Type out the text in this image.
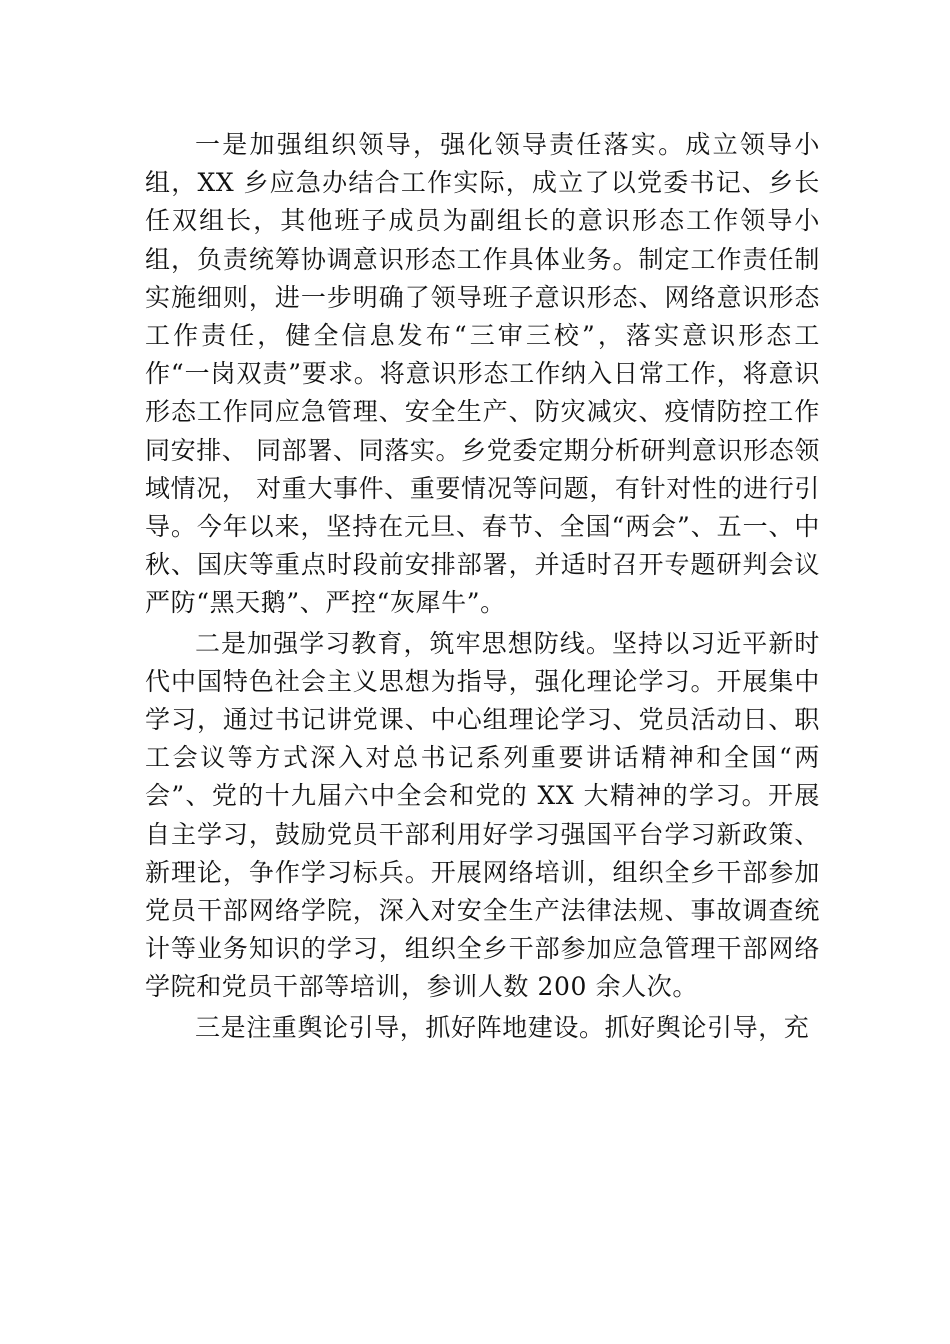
一是加强组织领导，强化领导责任落实。成立领导小组，XX 乡应急办结合工作实际，成立了以党委书记、乡长任双组长，其他班子成员为副组长的意识形态工作领导小组，负责统筹协调意识形态工作具体业务。制定工作责任制实施细则，进一步明确了领导班子意识形态、网络意识形态工作责任，健全信息发布“三审三校”，落实意识形态工作“一岗双责”要求。将意识形态工作纳入日常工作，将意识形态工作同应急管理、安全生产、防灾减灾、疫情防控工作同安排、 同部署、同落实。乡党委定期分析研判意识形态领域情况， 对重大事件、重要情况等问题，有针对性的进行引导。今年以来，坚持在元旦、春节、全国“两会”、五一、中秋、国庆等重点时段前安排部署，并适时召开专题研判会议严防“黑天鹅”、严控“灰犀牛”。

二是加强学习教育，筑牢思想防线。坚持以习近平新时代中国特色社会主义思想为指导，强化理论学习。开展集中学习，通过书记讲党课、中心组理论学习、党员活动日、职工会议等方式深入对总书记系列重要讲话精神和全国“两会”、党的十九届六中全会和党的 XX 大精神的学习。开展自主学习，鼓励党员干部利用好学习强国平台学习新政策、新理论，争作学习标兵。开展网络培训，组织全乡干部参加党员干部网络学院，深入对安全生产法律法规、事故调查统计等业务知识的学习，组织全乡干部参加应急管理干部网络学院和党员干部等培训，参训人数 200 余人次。

三是注重舆论引导，抓好阵地建设。抓好舆论引导，充
